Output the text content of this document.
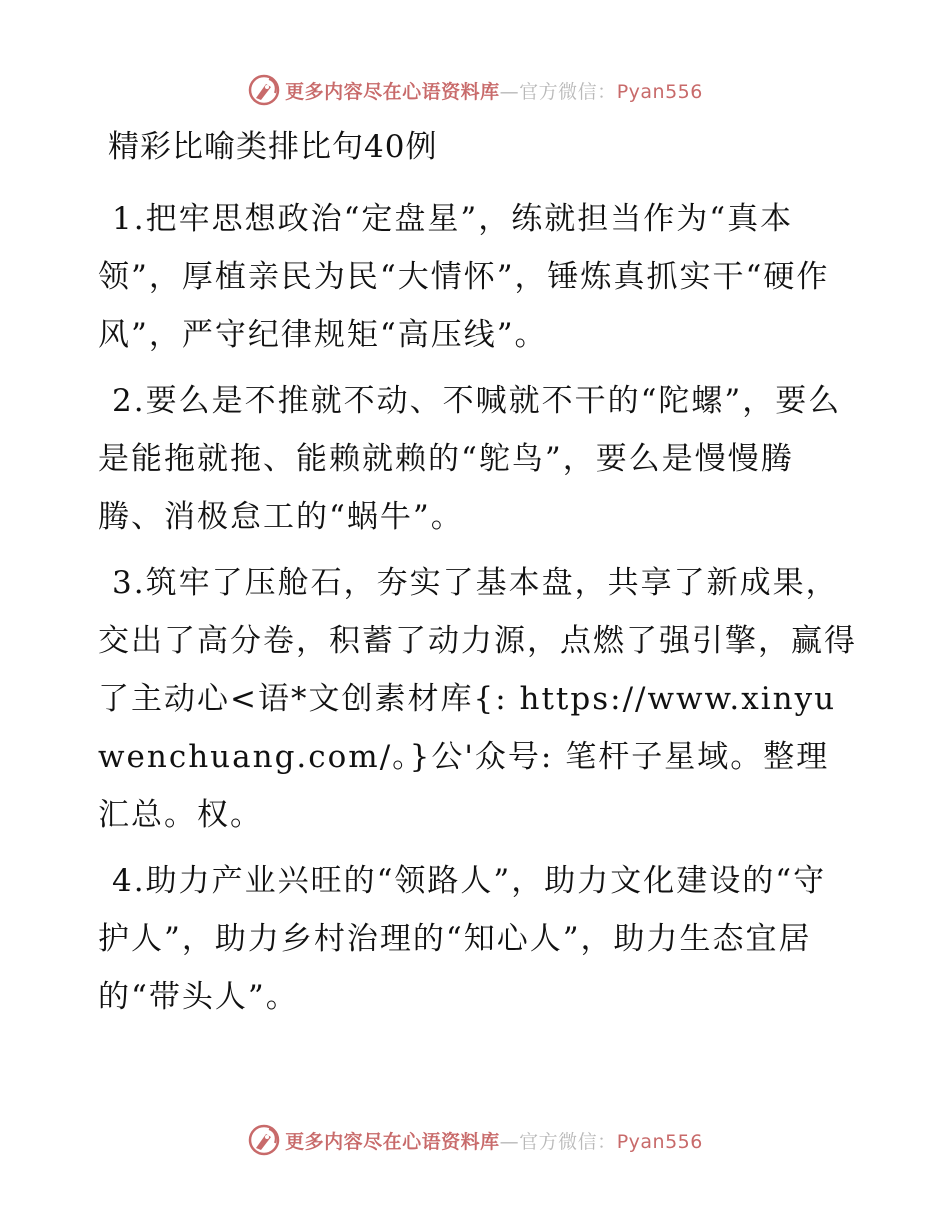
更多内容尽在心语资料库—官方微信：Pyan556
精彩比喻类排比句40例

1.把牢思想政治“定盘星”，练就担当作为“真本领”，厚植亲民为民“大情怀”，锤炼真抓实干“硬作风”，严守纪律规矩“高压线”。

2.要么是不推就不动、不喊就不干的“陀螺”，要么是能拖就拖、能赖就赖的“鸵鸟”，要么是慢慢腾腾、消极怠工的“蜗牛”。

3.筑牢了压舱石，夯实了基本盘，共享了新成果，交出了高分卷，积蓄了动力源，点燃了强引擎，赢得了主动心<语*文创素材库{: https://www.xinyuwenchuang.com/。}公'众号: 笔杆子星域。整理汇总。权。

4.助力产业兴旺的“领路人”，助力文化建设的“守护人”，助力乡村治理的“知心人”，助力生态宜居的“带头人”。

更多内容尽在心语资料库—官方微信：Pyan556
